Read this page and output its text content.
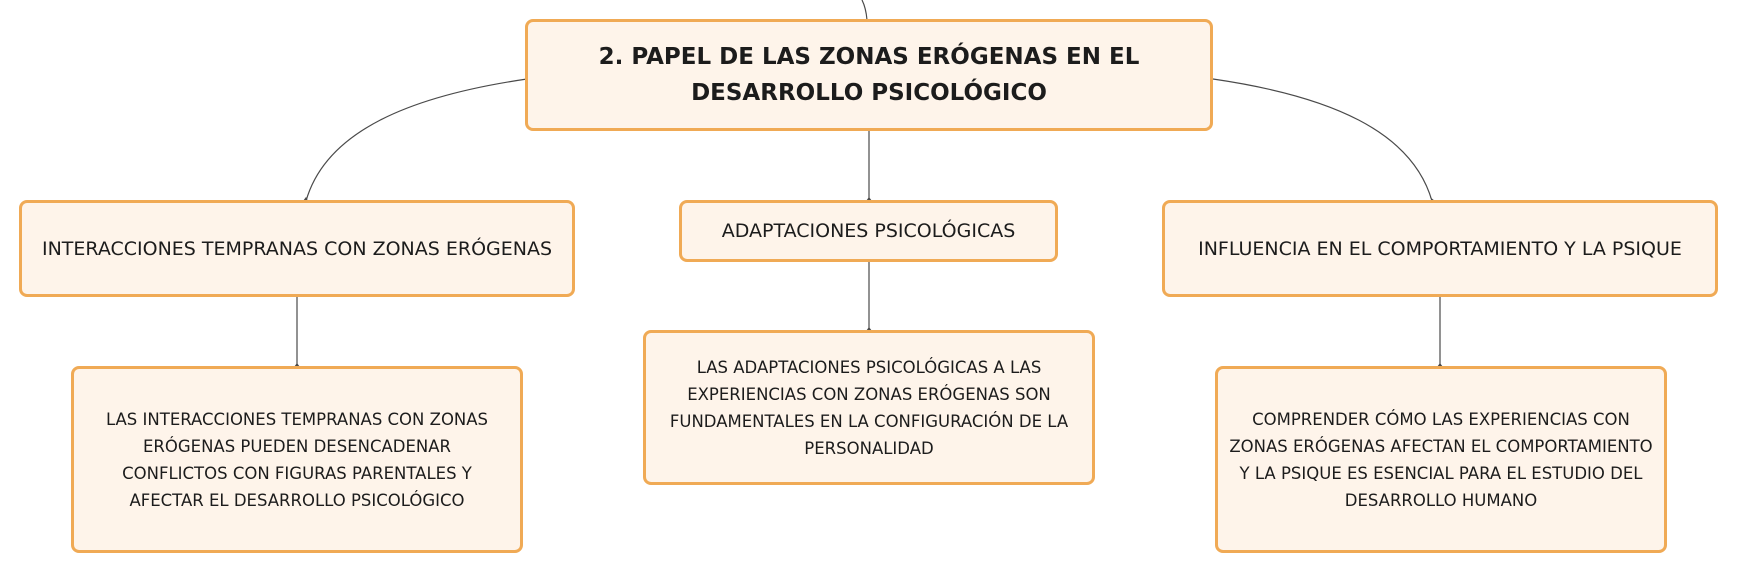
2. PAPEL DE LAS ZONAS ERÓGENAS EN EL DESARROLLO PSICOLÓGICO
INTERACCIONES TEMPRANAS CON ZONAS ERÓGENAS
ADAPTACIONES PSICOLÓGICAS
INFLUENCIA EN EL COMPORTAMIENTO Y LA PSIQUE
LAS INTERACCIONES TEMPRANAS CON ZONAS ERÓGENAS PUEDEN DESENCADENAR CONFLICTOS CON FIGURAS PARENTALES Y AFECTAR EL DESARROLLO PSICOLÓGICO
LAS ADAPTACIONES PSICOLÓGICAS A LAS EXPERIENCIAS CON ZONAS ERÓGENAS SON FUNDAMENTALES EN LA CONFIGURACIÓN DE LA PERSONALIDAD
COMPRENDER CÓMO LAS EXPERIENCIAS CON ZONAS ERÓGENAS AFECTAN EL COMPORTAMIENTO Y LA PSIQUE ES ESENCIAL PARA EL ESTUDIO DEL DESARROLLO HUMANO
